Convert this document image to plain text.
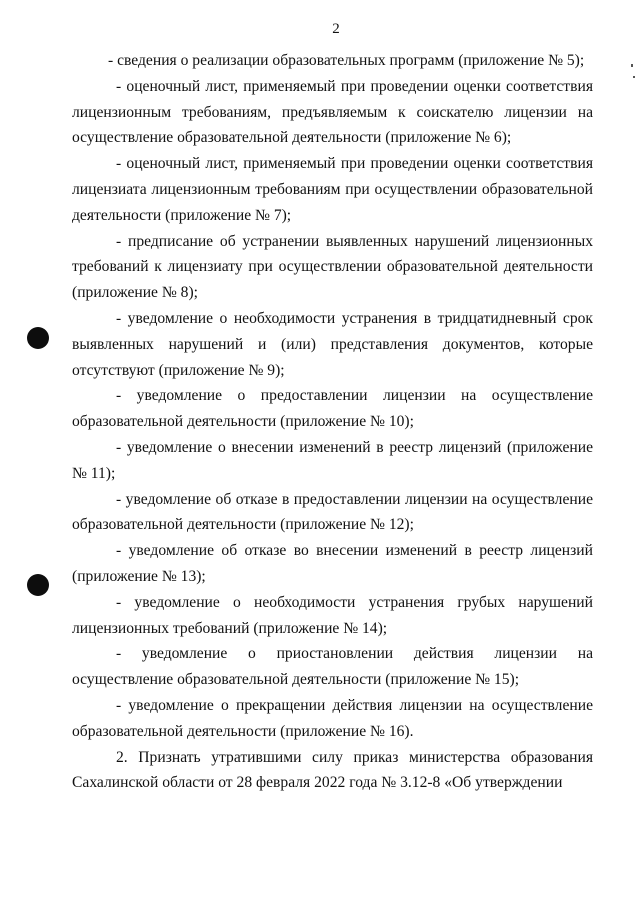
2

- сведения о реализации образовательных программ (приложение № 5);

- оценочный лист, применяемый при проведении оценки соответствия лицензионным требованиям, предъявляемым к соискателю лицензии на осуществление образовательной деятельности (приложение № 6);

- оценочный лист, применяемый при проведении оценки соответствия лицензиата лицензионным требованиям при осуществлении образовательной деятельности (приложение № 7);

- предписание об устранении выявленных нарушений лицензионных требований к лицензиату при осуществлении образовательной деятельности (приложение № 8);

- уведомление о необходимости устранения в тридцатидневный срок выявленных нарушений и (или) представления документов, которые отсутствуют (приложение № 9);

- уведомление о предоставлении лицензии на осуществление образовательной деятельности (приложение № 10);

- уведомление о внесении изменений в реестр лицензий (приложение № 11);

- уведомление об отказе в предоставлении лицензии на осуществление образовательной деятельности (приложение № 12);

- уведомление об отказе во внесении изменений в реестр лицензий (приложение № 13);

- уведомление о необходимости устранения грубых нарушений лицензионных требований (приложение № 14);

- уведомление о приостановлении действия лицензии на осуществление образовательной деятельности (приложение № 15);

- уведомление о прекращении действия лицензии на осуществление образовательной деятельности (приложение № 16).

2. Признать утратившими силу приказ министерства образования Сахалинской области от 28 февраля 2022 года № 3.12-8 «Об утверждении
